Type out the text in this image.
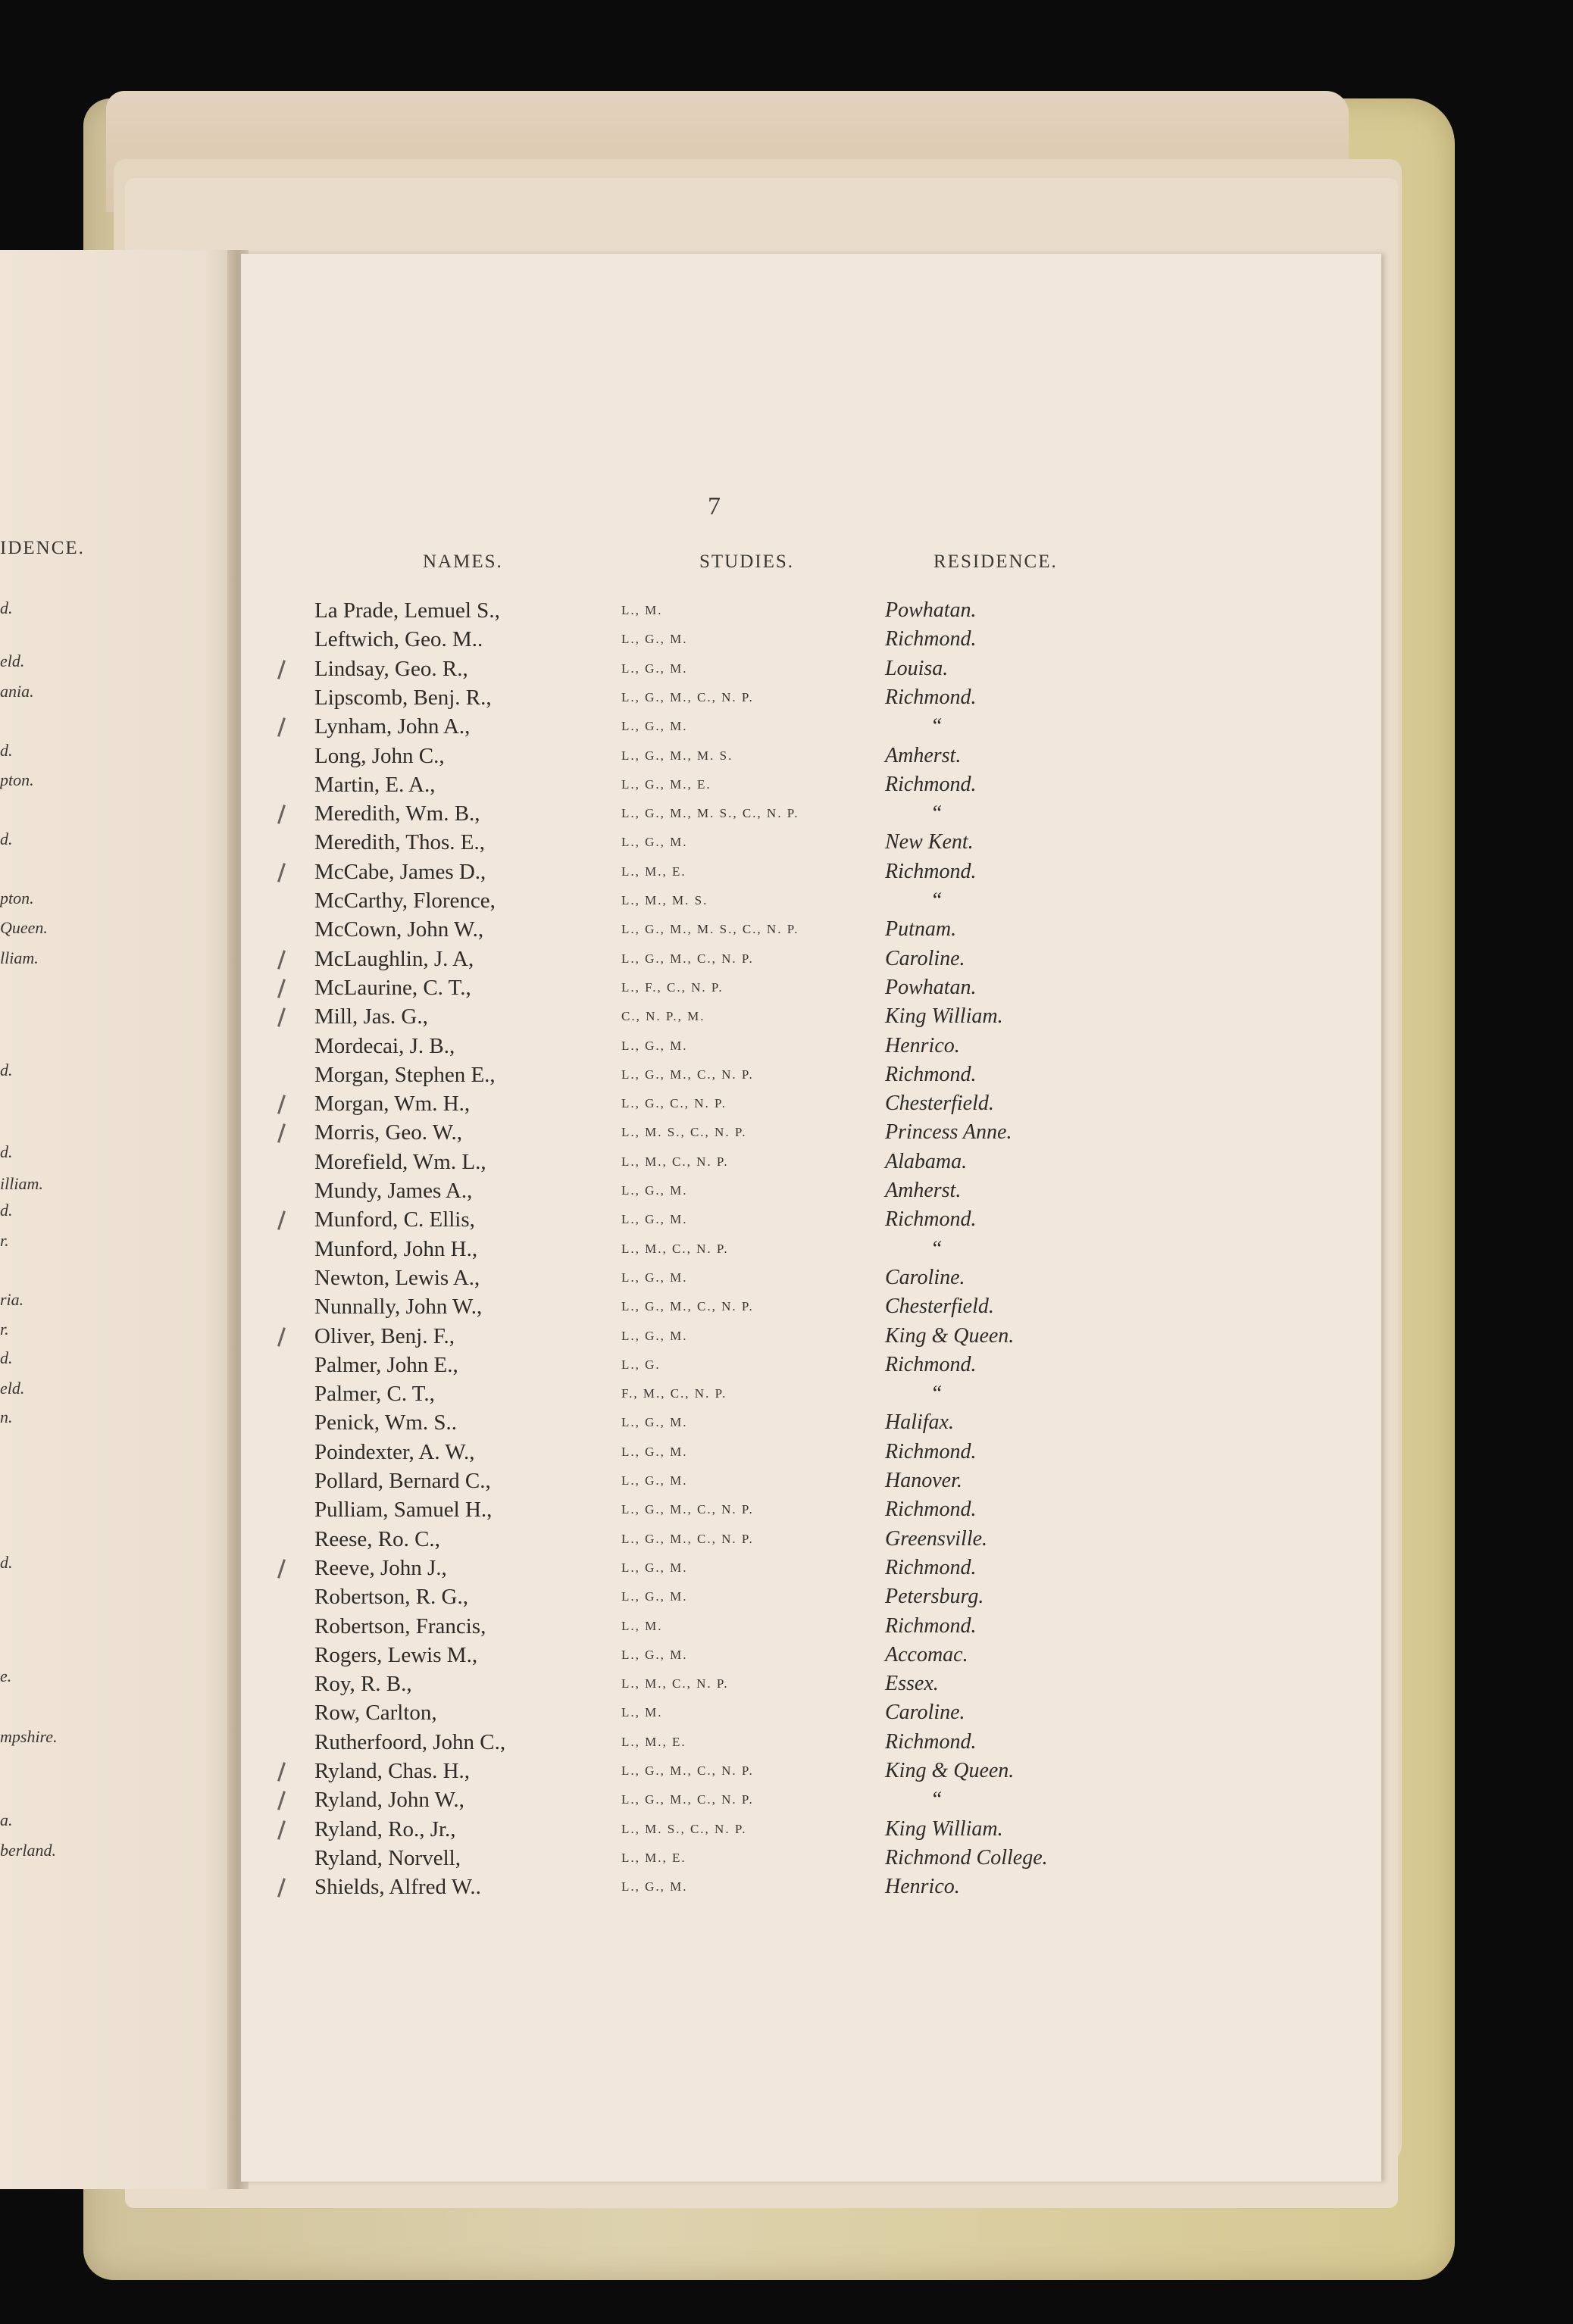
IDENCE.
d.
eld.
ania.
d.
pton.
d.
pton.
Queen.
lliam.
d.
d.
illiam.
d.
r.
ria.
r.
d.
eld.
n.
d.
e.
mpshire.
a.
berland.
7
NAMES.	STUDIES.	RESIDENCE.
La Prade, Lemuel S.,	L., M.	Powhatan.
Leftwich, Geo. M..	L., G., M.	Richmond.
Lindsay, Geo. R.,	L., G., M.	Louisa.
Lipscomb, Benj. R.,	L., G., M., C., N. P.	Richmond.
Lynham, John A.,	L., G., M.	“
Long, John C.,	L., G., M., M. S.	Amherst.
Martin, E. A.,	L., G., M., E.	Richmond.
Meredith, Wm. B.,	L., G., M., M. S., C., N. P.	“
Meredith, Thos. E.,	L., G., M.	New Kent.
McCabe, James D.,	L., M., E.	Richmond.
McCarthy, Florence,	L., M., M. S.	“
McCown, John W.,	L., G., M., M. S., C., N. P.	Putnam.
McLaughlin, J. A,	L., G., M., C., N. P.	Caroline.
McLaurine, C. T.,	L., F., C., N. P.	Powhatan.
Mill, Jas. G.,	C., N. P., M.	King William.
Mordecai, J. B.,	L., G., M.	Henrico.
Morgan, Stephen E.,	L., G., M., C., N. P.	Richmond.
Morgan, Wm. H.,	L., G., C., N. P.	Chesterfield.
Morris, Geo. W.,	L., M. S., C., N. P.	Princess Anne.
Morefield, Wm. L.,	L., M., C., N. P.	Alabama.
Mundy, James A.,	L., G., M.	Amherst.
Munford, C. Ellis,	L., G., M.	Richmond.
Munford, John H.,	L., M., C., N. P.	“
Newton, Lewis A.,	L., G., M.	Caroline.
Nunnally, John W.,	L., G., M., C., N. P.	Chesterfield.
Oliver, Benj. F.,	L., G., M.	King & Queen.
Palmer, John E.,	L., G.	Richmond.
Palmer, C. T.,	F., M., C., N. P.	“
Penick, Wm. S..	L., G., M.	Halifax.
Poindexter, A. W.,	L., G., M.	Richmond.
Pollard, Bernard C.,	L., G., M.	Hanover.
Pulliam, Samuel H.,	L., G., M., C., N. P.	Richmond.
Reese, Ro. C.,	L., G., M., C., N. P.	Greensville.
Reeve, John J.,	L., G., M.	Richmond.
Robertson, R. G.,	L., G., M.	Petersburg.
Robertson, Francis,	L., M.	Richmond.
Rogers, Lewis M.,	L., G., M.	Accomac.
Roy, R. B.,	L., M., C., N. P.	Essex.
Row, Carlton,	L., M.	Caroline.
Rutherfoord, John C.,	L., M., E.	Richmond.
Ryland, Chas. H.,	L., G., M., C., N. P.	King & Queen.
Ryland, John W.,	L., G., M., C., N. P.	“
Ryland, Ro., Jr.,	L., M. S., C., N. P.	King William.
Ryland, Norvell,	L., M., E.	Richmond College.
Shields, Alfred W..	L., G., M.	Henrico.
